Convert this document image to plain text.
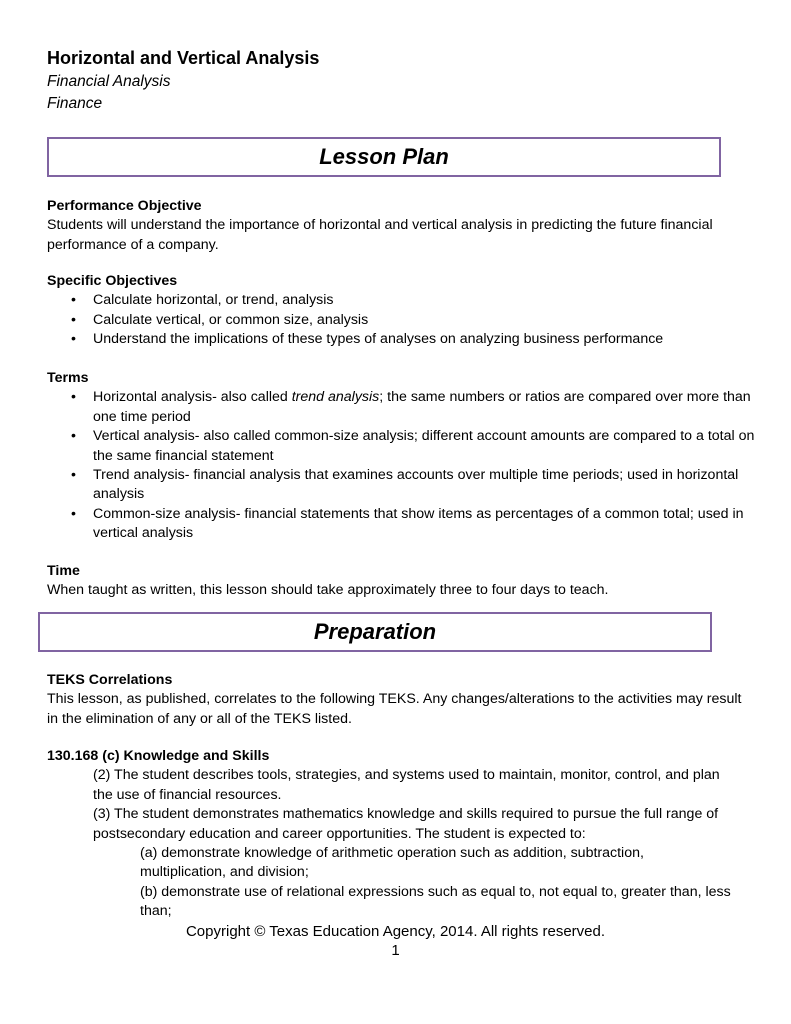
Horizontal and Vertical Analysis
Financial Analysis
Finance
Lesson Plan
Performance Objective
Students will understand the importance of horizontal and vertical analysis in predicting the future financial
performance of a company.
Specific Objectives
• Calculate horizontal, or trend, analysis
• Calculate vertical, or common size, analysis
• Understand the implications of these types of analyses on analyzing business performance
Terms
• Horizontal analysis- also called trend analysis; the same numbers or ratios are compared over more than one time period
• Vertical analysis- also called common-size analysis; different account amounts are compared to a total on the same financial statement
• Trend analysis- financial analysis that examines accounts over multiple time periods; used in horizontal analysis
• Common-size analysis- financial statements that show items as percentages of a common total; used in vertical analysis
Time
When taught as written, this lesson should take approximately three to four days to teach.
Preparation
TEKS Correlations
This lesson, as published, correlates to the following TEKS. Any changes/alterations to the activities may result
in the elimination of any or all of the TEKS listed.
130.168 (c) Knowledge and Skills
(2) The student describes tools, strategies, and systems used to maintain, monitor, control, and plan
the use of financial resources.
(3) The student demonstrates mathematics knowledge and skills required to pursue the full range of
postsecondary education and career opportunities. The student is expected to:
(a) demonstrate knowledge of arithmetic operation such as addition, subtraction,
multiplication, and division;
(b) demonstrate use of relational expressions such as equal to, not equal to, greater than, less
than;
Copyright © Texas Education Agency, 2014. All rights reserved.
1
